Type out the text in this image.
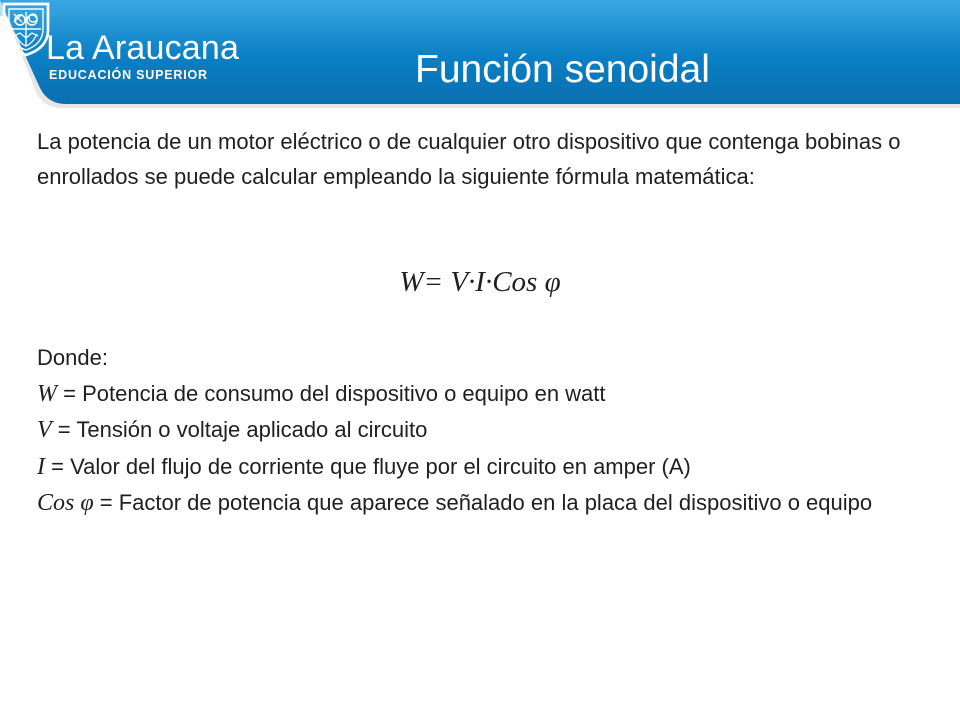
La Araucana
EDUCACIÓN SUPERIOR	Función senoidal

La potencia de un motor eléctrico o de cualquier otro dispositivo que contenga bobinas o enrollados se puede calcular empleando la siguiente fórmula matemática:

W= V·I·Cos φ
Donde:
W = Potencia de consumo del dispositivo o equipo en watt
V = Tensión o voltaje aplicado al circuito
I = Valor del flujo de corriente que fluye por el circuito en amper (A)
Cos φ = Factor de potencia que aparece señalado en la placa del dispositivo o equipo
